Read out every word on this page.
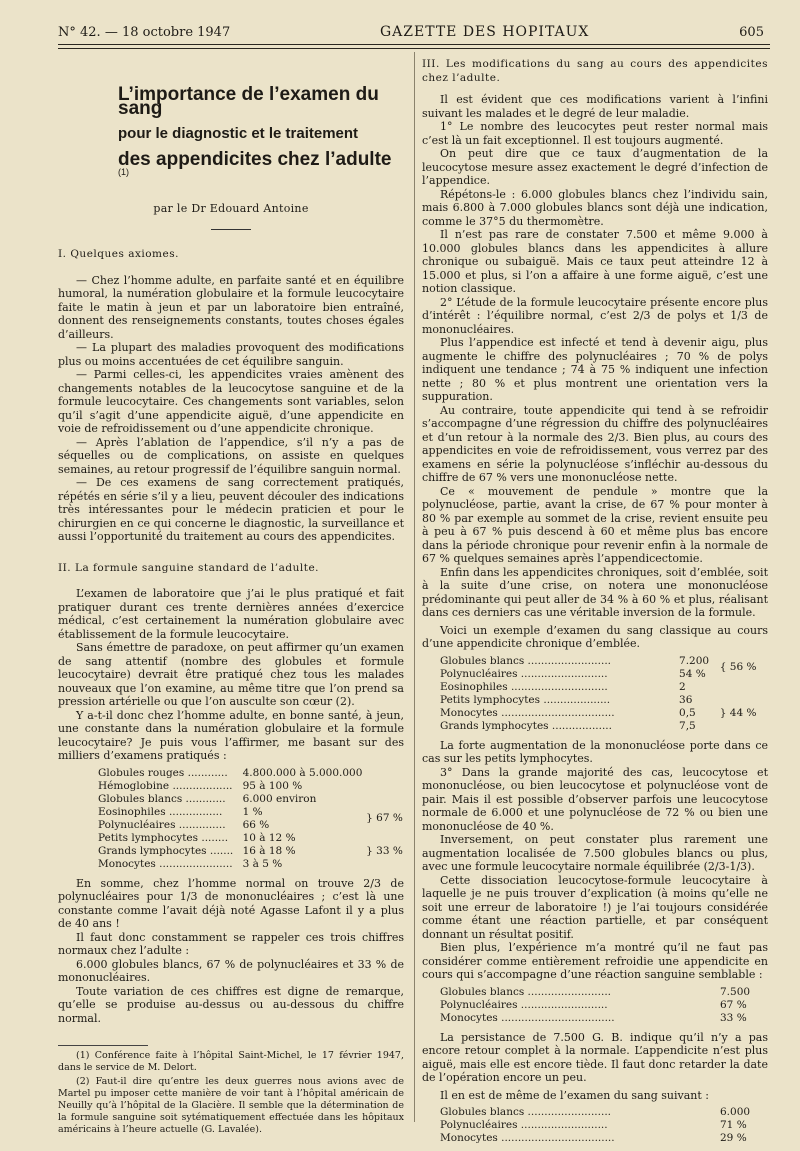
N° 42. — 18 octobre 1947	GAZETTE DES HOPITAUX	605
L’importance de l’examen du sang
pour le diagnostic et le traitement
des appendicites chez l’adulte $^{(1)}$
par le Dr Edouard Antoine
I. Quelques axiomes.

— Chez l’homme adulte, en parfaite santé et en équilibre humoral, la numération globulaire et la formule leucocytaire faite le matin à jeun et par un laboratoire bien entraîné, donnent des renseignements constants, toutes choses égales d’ailleurs.

— La plupart des maladies provoquent des modifications plus ou moins accentuées de cet équilibre sanguin.

— Parmi celles-ci, les appendicites vraies amènent des changements notables de la leucocytose sanguine et de la formule leucocytaire. Ces changements sont variables, selon qu’il s’agit d’une appendicite aiguë, d’une appendicite en voie de refroidissement ou d’une appendicite chronique.

— Après l’ablation de l’appendice, s’il n’y a pas de séquelles ou de complications, on assiste en quelques semaines, au retour progressif de l’équilibre sanguin normal.

— De ces examens de sang correctement pratiqués, répétés en série s’il y a lieu, peuvent découler des indications très intéressantes pour le médecin praticien et pour le chirurgien en ce qui concerne le diagnostic, la surveillance et aussi l’opportunité du traitement au cours des appendicites.

II. La formule sanguine standard de l’adulte.

L’examen de laboratoire que j’ai le plus pratiqué et fait pratiquer durant ces trente dernières années d’exercice médical, c’est certainement la numération globulaire avec établissement de la formule leucocytaire.

Sans émettre de paradoxe, on peut affirmer qu’un examen de sang attentif (nombre des globules et formule leucocytaire) devrait être pratiqué chez tous les malades nouveaux que l’on examine, au même titre que l’on prend sa pression artérielle ou que l’on ausculte son cœur (2).

Y a-t-il donc chez l’homme adulte, en bonne santé, à jeun, une constante dans la numération globulaire et la formule leucocytaire? Je puis vous l’affirmer, me basant sur des milliers d’examens pratiqués :

Globules rouges ............	4.800.000 à 5.000.000	
Hémoglobine ..................	95 à 100 %	
Globules blancs ............	6.000 environ	
Eosinophiles ................	1 %	} 67 %
Polynucléaires ..............	66 %	
Petits lymphocytes ........	10 à 12 %	} 33 %
Grands lymphocytes .......	16 à 18 %	
Monocytes ......................	3 à 5 %	

En somme, chez l’homme normal on trouve 2/3 de polynucléaires pour 1/3 de mononucléaires ; c’est là une constante comme l’avait déjà noté Agasse Lafont il y a plus de 40 ans !

Il faut donc constamment se rappeler ces trois chiffres normaux chez l’adulte :

6.000 globules blancs, 67 % de polynucléaires et 33 % de mononucléaires.

Toute variation de ces chiffres est digne de remarque, qu’elle se produise au-dessus ou au-dessous du chiffre normal.

(1) Conférence faite à l’hôpital Saint-Michel, le 17 février 1947, dans le service de M. Delort.

(2) Faut-il dire qu’entre les deux guerres nous avions avec de Martel pu imposer cette manière de voir tant à l’hôpital américain de Neuilly qu’à l’hôpital de la Glacière. Il semble que la détermination de la formule sanguine soit sytématiquement effectuée dans les hôpitaux américains à l’heure actuelle (G. Lavalée).

III. Les modifications du sang au cours des appendicites chez l’adulte.

Il est évident que ces modifications varient à l’infini suivant les malades et le degré de leur maladie.

1° Le nombre des leucocytes peut rester normal mais c’est là un fait exceptionnel. Il est toujours augmenté.

On peut dire que ce taux d’augmentation de la leucocytose mesure assez exactement le degré d’infection de l’appendice.

Répétons-le : 6.000 globules blancs chez l’individu sain, mais 6.800 à 7.000 globules blancs sont déjà une indication, comme le 37°5 du thermomètre.

Il n’est pas rare de constater 7.500 et même 9.000 à 10.000 globules blancs dans les appendicites à allure chronique ou subaiguë. Mais ce taux peut atteindre 12 à 15.000 et plus, si l’on a affaire à une forme aiguë, c’est une notion classique.

2° L’étude de la formule leucocytaire présente encore plus d’intérêt : l’équilibre normal, c’est 2/3 de polys et 1/3 de mononucléaires.

Plus l’appendice est infecté et tend à devenir aigu, plus augmente le chiffre des polynucléaires ; 70 % de polys indiquent une tendance ; 74 à 75 % indiquent une infection nette ; 80 % et plus montrent une orientation vers la suppuration.

Au contraire, toute appendicite qui tend à se refroidir s’accompagne d’une régression du chiffre des polynucléaires et d’un retour à la normale des 2/3. Bien plus, au cours des appendicites en voie de refroidissement, vous verrez par des examens en série la polynucléose s’infléchir au-dessous du chiffre de 67 % vers une mononucléose nette.

Ce « mouvement de pendule » montre que la polynucléose, partie, avant la crise, de 67 % pour monter à 80 % par exemple au sommet de la crise, revient ensuite peu à peu à 67 % puis descend à 60 et même plus bas encore dans la période chronique pour revenir enfin à la normale de 67 % quelques semaines après l’appendicectomie.

Enfin dans les appendicites chroniques, soit d’emblée, soit à la suite d’une crise, on notera une mononucléose prédominante qui peut aller de 34 % à 60 % et plus, réalisant dans ces derniers cas une véritable inversion de la formule.

Voici un exemple d’examen du sang classique au cours d’une appendicite chronique d’emblée.

Globules blancs .........................	7.200	{ 56 %
Polynucléaires ..........................	54 %	
Eosinophiles .............................	2	
Petits lymphocytes ....................	36	} 44 %
Monocytes ..................................	0,5	
Grands lymphocytes ..................	7,5	

La forte augmentation de la mononucléose porte dans ce cas sur les petits lymphocytes.

3° Dans la grande majorité des cas, leucocytose et mononucléose, ou bien leucocytose et polynucléose vont de pair. Mais il est possible d’observer parfois une leucocytose normale de 6.000 et une polynucléose de 72 % ou bien une mononucléose de 40 %.

Inversement, on peut constater plus rarement une augmentation localisée de 7.500 globules blancs ou plus, avec une formule leucocytaire normale équilibrée (2/3-1/3).

Cette dissociation leucocytose-formule leucocytaire à laquelle je ne puis trouver d’explication (à moins qu’elle ne soit une erreur de laboratoire !) je l’ai toujours considérée comme étant une réaction partielle, et par conséquent donnant un résultat positif.

Bien plus, l’expérience m’a montré qu’il ne faut pas considérer comme entièrement refroidie une appendicite en cours qui s’accompagne d’une réaction sanguine semblable :

Globules blancs .........................	7.500
Polynucléaires ..........................	67 %
Monocytes ..................................	33 %

La persistance de 7.500 G. B. indique qu’il n’y a pas encore retour complet à la normale. L’appendicite n’est plus aiguë, mais elle est encore tiède. Il faut donc retarder la date de l’opération encore un peu.

Il en est de même de l’examen du sang suivant :

Globules blancs .........................	6.000
Polynucléaires ..........................	71 %
Monocytes ..................................	29 %
